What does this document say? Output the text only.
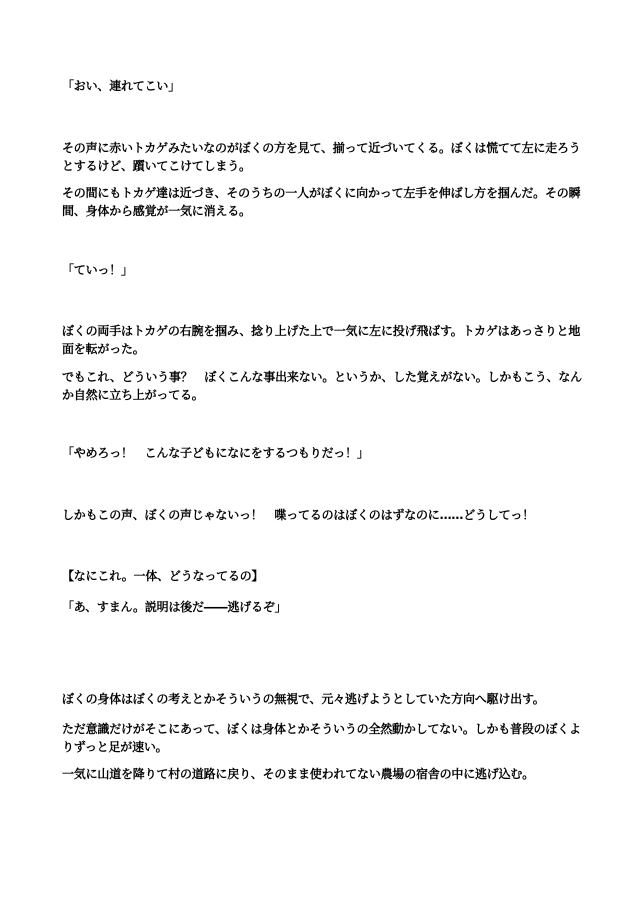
「おい、連れてこい」
その声に赤いトカゲみたいなのがぼくの方を見て、揃って近づいてくる。ぼくは慌てて左に走ろうとするけど、躓いてこけてしまう。
その間にもトカゲ達は近づき、そのうちの一人がぼくに向かって左手を伸ばし方を掴んだ。その瞬間、身体から感覚が一気に消える。
「ていっ！」
ぼくの両手はトカゲの右腕を掴み、捻り上げた上で一気に左に投げ飛ばす。トカゲはあっさりと地面を転がった。
でもこれ、どういう事？　ぼくこんな事出来ない。というか、した覚えがない。しかもこう、なんか自然に立ち上がってる。
「やめろっ！　こんな子どもになにをするつもりだっ！」
しかもこの声、ぼくの声じゃないっ！　喋ってるのはぼくのはずなのに……どうしてっ！
【なにこれ。一体、どうなってるの】
「あ、すまん。説明は後だ――逃げるぞ」
ぼくの身体はぼくの考えとかそういうの無視で、元々逃げようとしていた方向へ駆け出す。
ただ意識だけがそこにあって、ぼくは身体とかそういうの全然動かしてない。しかも普段のぼくよりずっと足が速い。
一気に山道を降りて村の道路に戻り、そのまま使われてない農場の宿舎の中に逃げ込む。
